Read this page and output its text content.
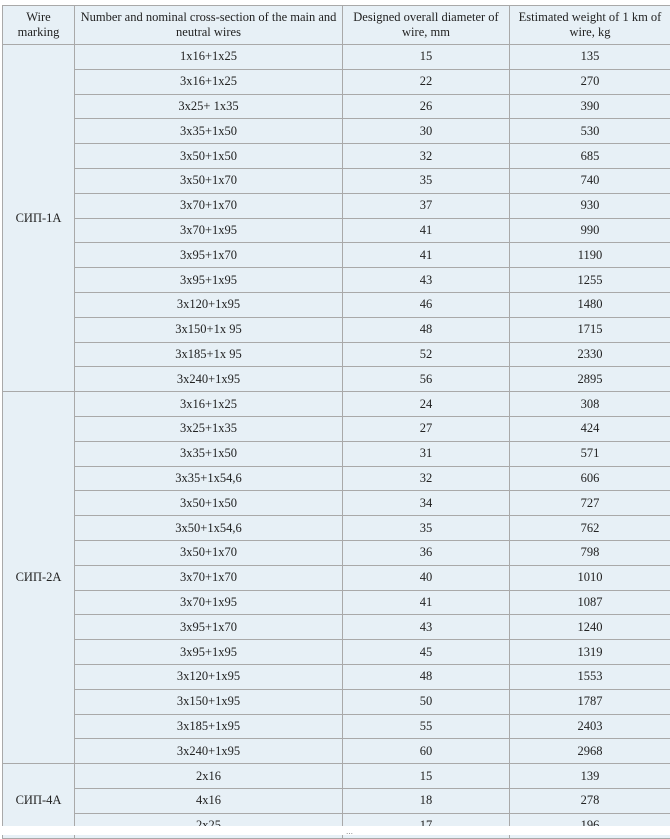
Wire marking	Number and nominal cross-section of the main and neutral wires	Designed overall diameter of wire, mm	Estimated weight of 1 km of wire, kg
СИП-1А	1x16+1x25	15	135
	3x16+1x25	22	270
	3x25+ 1x35	26	390
	3x35+1x50	30	530
	3x50+1x50	32	685
	3x50+1x70	35	740
	3x70+1x70	37	930
	3x70+1x95	41	990
	3x95+1x70	41	1190
	3x95+1x95	43	1255
	3x120+1x95	46	1480
	3x150+1x 95	48	1715
	3x185+1x 95	52	2330
	3x240+1x95	56	2895
СИП-2А	3x16+1x25	24	308
	3x25+1x35	27	424
	3x35+1x50	31	571
	3x35+1x54,6	32	606
	3x50+1x50	34	727
	3x50+1x54,6	35	762
	3x50+1x70	36	798
	3x70+1x70	40	1010
	3x70+1x95	41	1087
	3x95+1x70	43	1240
	3x95+1x95	45	1319
	3x120+1x95	48	1553
	3x150+1x95	50	1787
	3x185+1x95	55	2403
	3x240+1x95	60	2968
СИП-4А	2x16	15	139
	4x16	18	278

…
